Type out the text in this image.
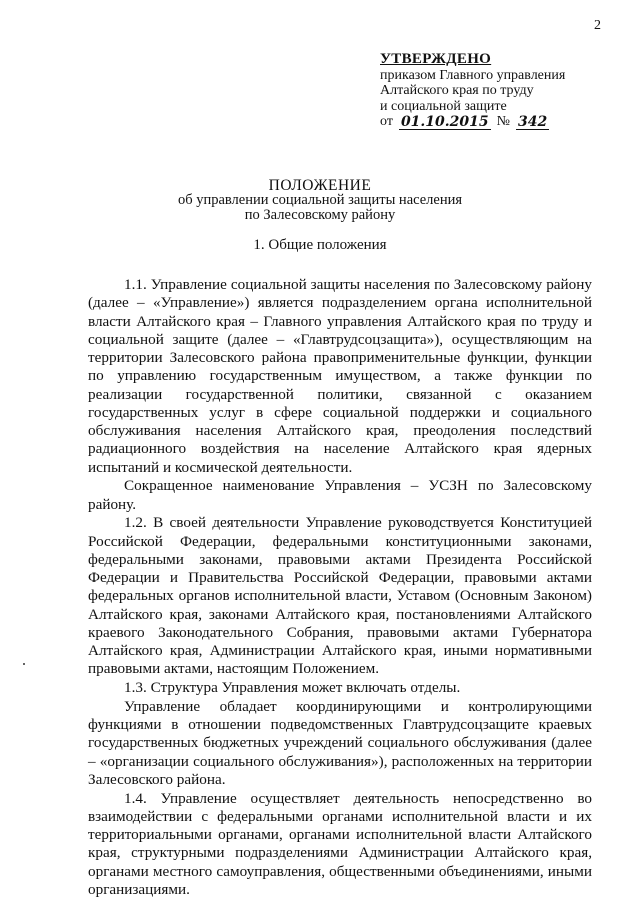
2
УТВЕРЖДЕНО
приказом Главного управления
Алтайского края по труду
и социальной защите
от 01.10.2015 № 342
ПОЛОЖЕНИЕ
об управлении социальной защиты населения
по Залесовскому району
1. Общие положения

1.1. Управление социальной защиты населения по Залесовскому району (далее – «Управление») является подразделением органа исполнительной власти Алтайского края – Главного управления Алтайского края по труду и социальной защите (далее – «Главтрудсоцзащита»), осуществляющим на территории Залесовского района правоприменительные функции, функции по управлению государственным имуществом, а также функции по реализации государственной политики, связанной с оказанием государственных услуг в сфере социальной поддержки и социального обслуживания населения Алтайского края, преодоления последствий радиационного воздействия на население Алтайского края ядерных испытаний и космической деятельности.

Сокращенное наименование Управления – УСЗН по Залесовскому району.

1.2. В своей деятельности Управление руководствуется Конституцией Российской Федерации, федеральными конституционными законами, федеральными законами, правовыми актами Президента Российской Федерации и Правительства Российской Федерации, правовыми актами федеральных органов исполнительной власти, Уставом (Основным Законом) Алтайского края, законами Алтайского края, постановлениями Алтайского краевого Законодательного Собрания, правовыми актами Губернатора Алтайского края, Администрации Алтайского края, иными нормативными правовыми актами, настоящим Положением.

1.3. Структура Управления может включать отделы.

Управление обладает координирующими и контролирующими функциями в отношении подведомственных Главтрудсоцзащите краевых государственных бюджетных учреждений социального обслуживания (далее – «организации социального обслуживания»), расположенных на территории Залесовского района.

1.4. Управление осуществляет деятельность непосредственно во взаимодействии с федеральными органами исполнительной власти и их территориальными органами, органами исполнительной власти Алтайского края, структурными подразделениями Администрации Алтайского края, органами местного самоуправления, общественными объединениями, иными организациями.
